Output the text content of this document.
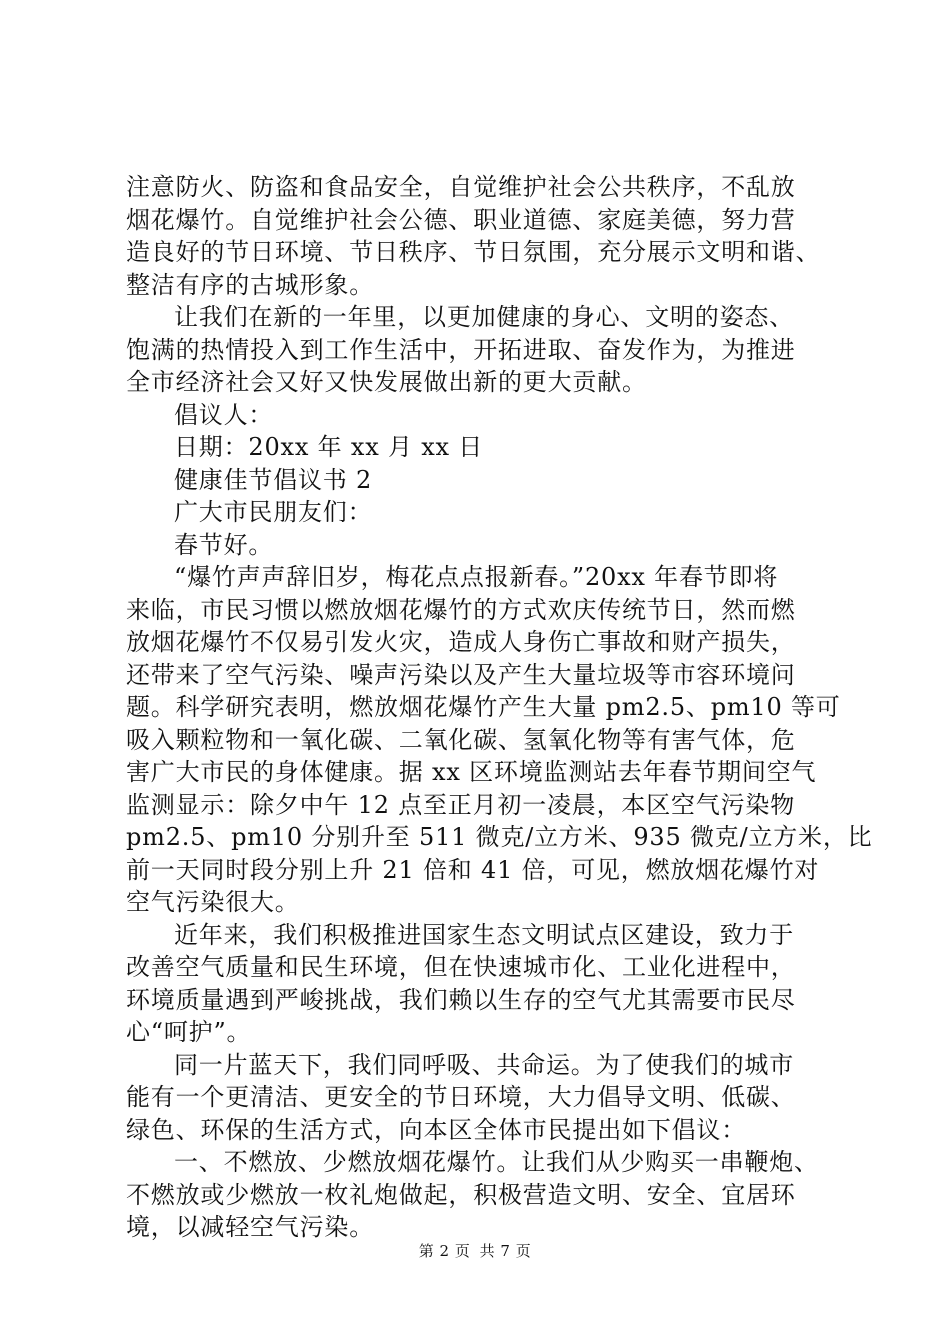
注意防火、防盗和食品安全，自觉维护社会公共秩序，不乱放
烟花爆竹。自觉维护社会公德、职业道德、家庭美德，努力营
造良好的节日环境、节日秩序、节日氛围，充分展示文明和谐、
整洁有序的古城形象。
让我们在新的一年里，以更加健康的身心、文明的姿态、
饱满的热情投入到工作生活中，开拓进取、奋发作为，为推进
全市经济社会又好又快发展做出新的更大贡献。
倡议人：
日期：20xx 年 xx 月 xx 日
健康佳节倡议书 2
广大市民朋友们：
春节好。
“爆竹声声辞旧岁，梅花点点报新春。”20xx 年春节即将
来临，市民习惯以燃放烟花爆竹的方式欢庆传统节日，然而燃
放烟花爆竹不仅易引发火灾，造成人身伤亡事故和财产损失，
还带来了空气污染、噪声污染以及产生大量垃圾等市容环境问
题。科学研究表明，燃放烟花爆竹产生大量 pm2.5、pm10 等可
吸入颗粒物和一氧化碳、二氧化碳、氢氧化物等有害气体，危
害广大市民的身体健康。据 xx 区环境监测站去年春节期间空气
监测显示：除夕中午 12 点至正月初一凌晨，本区空气污染物
pm2.5、pm10 分别升至 511 微克/立方米、935 微克/立方米，比
前一天同时段分别上升 21 倍和 41 倍，可见，燃放烟花爆竹对
空气污染很大。
近年来，我们积极推进国家生态文明试点区建设，致力于
改善空气质量和民生环境，但在快速城市化、工业化进程中，
环境质量遇到严峻挑战，我们赖以生存的空气尤其需要市民尽
心“呵护”。
同一片蓝天下，我们同呼吸、共命运。为了使我们的城市
能有一个更清洁、更安全的节日环境，大力倡导文明、低碳、
绿色、环保的生活方式，向本区全体市民提出如下倡议：
一、不燃放、少燃放烟花爆竹。让我们从少购买一串鞭炮、
不燃放或少燃放一枚礼炮做起，积极营造文明、安全、宜居环
境，以减轻空气污染。
第 2 页 共 7 页
